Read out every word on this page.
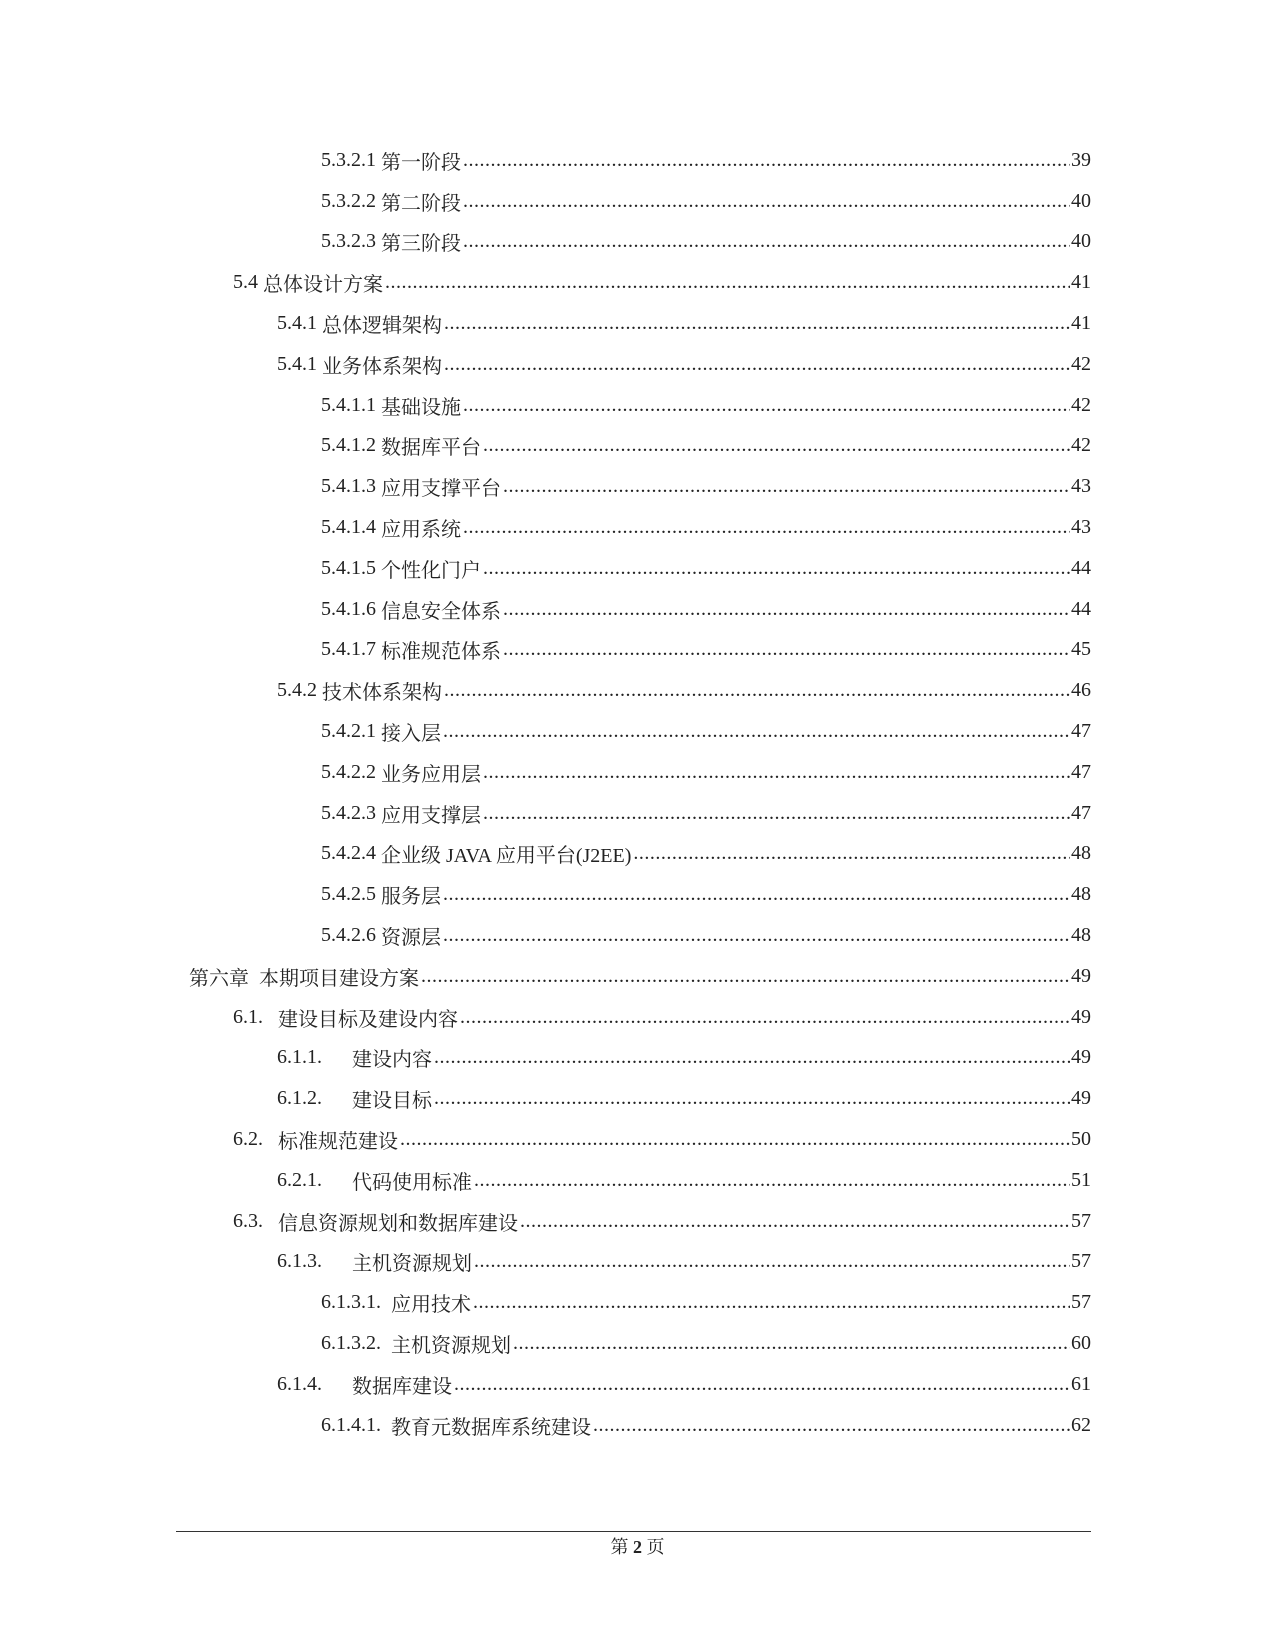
5.3.2.1 第一阶段 .....	39
5.3.2.2 第二阶段 .....	40
5.3.2.3 第三阶段 .....	40
5.4 总体设计方案 .....	41
5.4.1 总体逻辑架构 .....	41
5.4.1 业务体系架构 .....	42
5.4.1.1 基础设施 .....	42
5.4.1.2 数据库平台 .....	42
5.4.1.3 应用支撑平台 .....	43
5.4.1.4 应用系统 .....	43
5.4.1.5 个性化门户 .....	44
5.4.1.6 信息安全体系 .....	44
5.4.1.7 标准规范体系 .....	45
5.4.2 技术体系架构 .....	46
5.4.2.1 接入层 .....	47
5.4.2.2 业务应用层 .....	47
5.4.2.3 应用支撑层 .....	47
5.4.2.4 企业级 JAVA 应用平台(J2EE) .....	48
5.4.2.5 服务层 .....	48
5.4.2.6 资源层 .....	48
第六章 本期项目建设方案 .....	49
6.1. 建设目标及建设内容 .....	49
6.1.1. 建设内容 .....	49
6.1.2. 建设目标 .....	49
6.2. 标准规范建设 .....	50
6.2.1. 代码使用标准 .....	51
6.3. 信息资源规划和数据库建设 .....	57
6.1.3. 主机资源规划 .....	57
6.1.3.1. 应用技术 .....	57
6.1.3.2. 主机资源规划 .....	60
6.1.4. 数据库建设 .....	61
6.1.4.1. 教育元数据库系统建设 .....	62
第 2 页
